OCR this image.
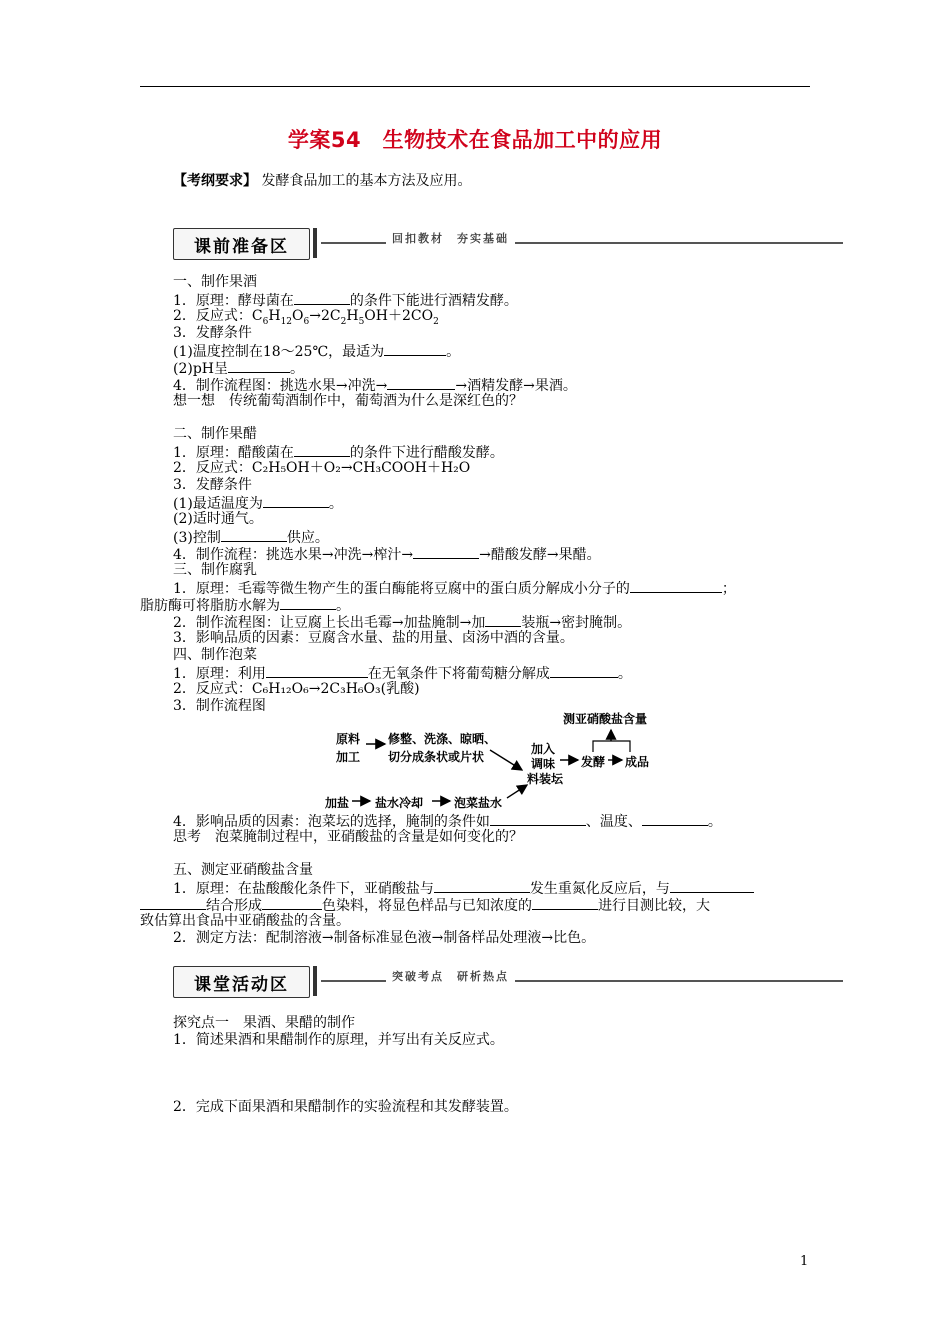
学案54　生物技术在食品加工中的应用
【考纲要求】 发酵食品加工的基本方法及应用。
课前准备区	回扣教材　夯实基础
一、制作果酒
1．原理：酵母菌在	的条件下能进行酒精发酵。
2．反应式：$C_6H_{12}O_6\to 2C_2H_5OH+2CO_2$
3．发酵条件
(1)温度控制在18～25℃，最适为	。
(2)pH呈	。
4．制作流程图：挑选水果→冲洗→	→酒精发酵→果酒。
想一想　传统葡萄酒制作中，葡萄酒为什么是深红色的？
二、制作果醋
1．原理：醋酸菌在	的条件下进行醋酸发酵。
2．反应式：C₂H₅OH＋O₂→CH₃COOH＋H₂O
3．发酵条件
(1)最适温度为	。
(2)适时通气。
(3)控制	供应。
4．制作流程：挑选水果→冲洗→榨汁→	→醋酸发酵→果醋。
三、制作腐乳
1．原理：毛霉等微生物产生的蛋白酶能将豆腐中的蛋白质分解成小分子的	；
脂肪酶可将脂肪水解为	。
2．制作流程图：让豆腐上长出毛霉→加盐腌制→加	装瓶→密封腌制。
3．影响品质的因素：豆腐含水量、盐的用量、卤汤中酒的含量。
四、制作泡菜
1．原理：利用	在无氧条件下将葡萄糖分解成	。
2．反应式：C₆H₁₂O₆→2C₃H₆O₃(乳酸)
3．制作流程图
原料
加工
修整、洗涤、晾晒、
切分成条状或片状
加入
调味
料装坛
测亚硝酸盐含量
发酵 成品
加盐 盐水冷却	泡菜盐水
4．影响品质的因素：泡菜坛的选择，腌制的条件如	、温度、	。
思考　泡菜腌制过程中，亚硝酸盐的含量是如何变化的？
五、测定亚硝酸盐含量
1．原理：在盐酸酸化条件下，亚硝酸盐与	发生重氮化反应后，与
结合形成	色染料，将显色样品与已知浓度的	进行目测比较，大
致估算出食品中亚硝酸盐的含量。
2．测定方法：配制溶液→制备标准显色液→制备样品处理液→比色。
课堂活动区	突破考点　研析热点
探究点一　果酒、果醋的制作
1．简述果酒和果醋制作的原理，并写出有关反应式。
2．完成下面果酒和果醋制作的实验流程和其发酵装置。
1
